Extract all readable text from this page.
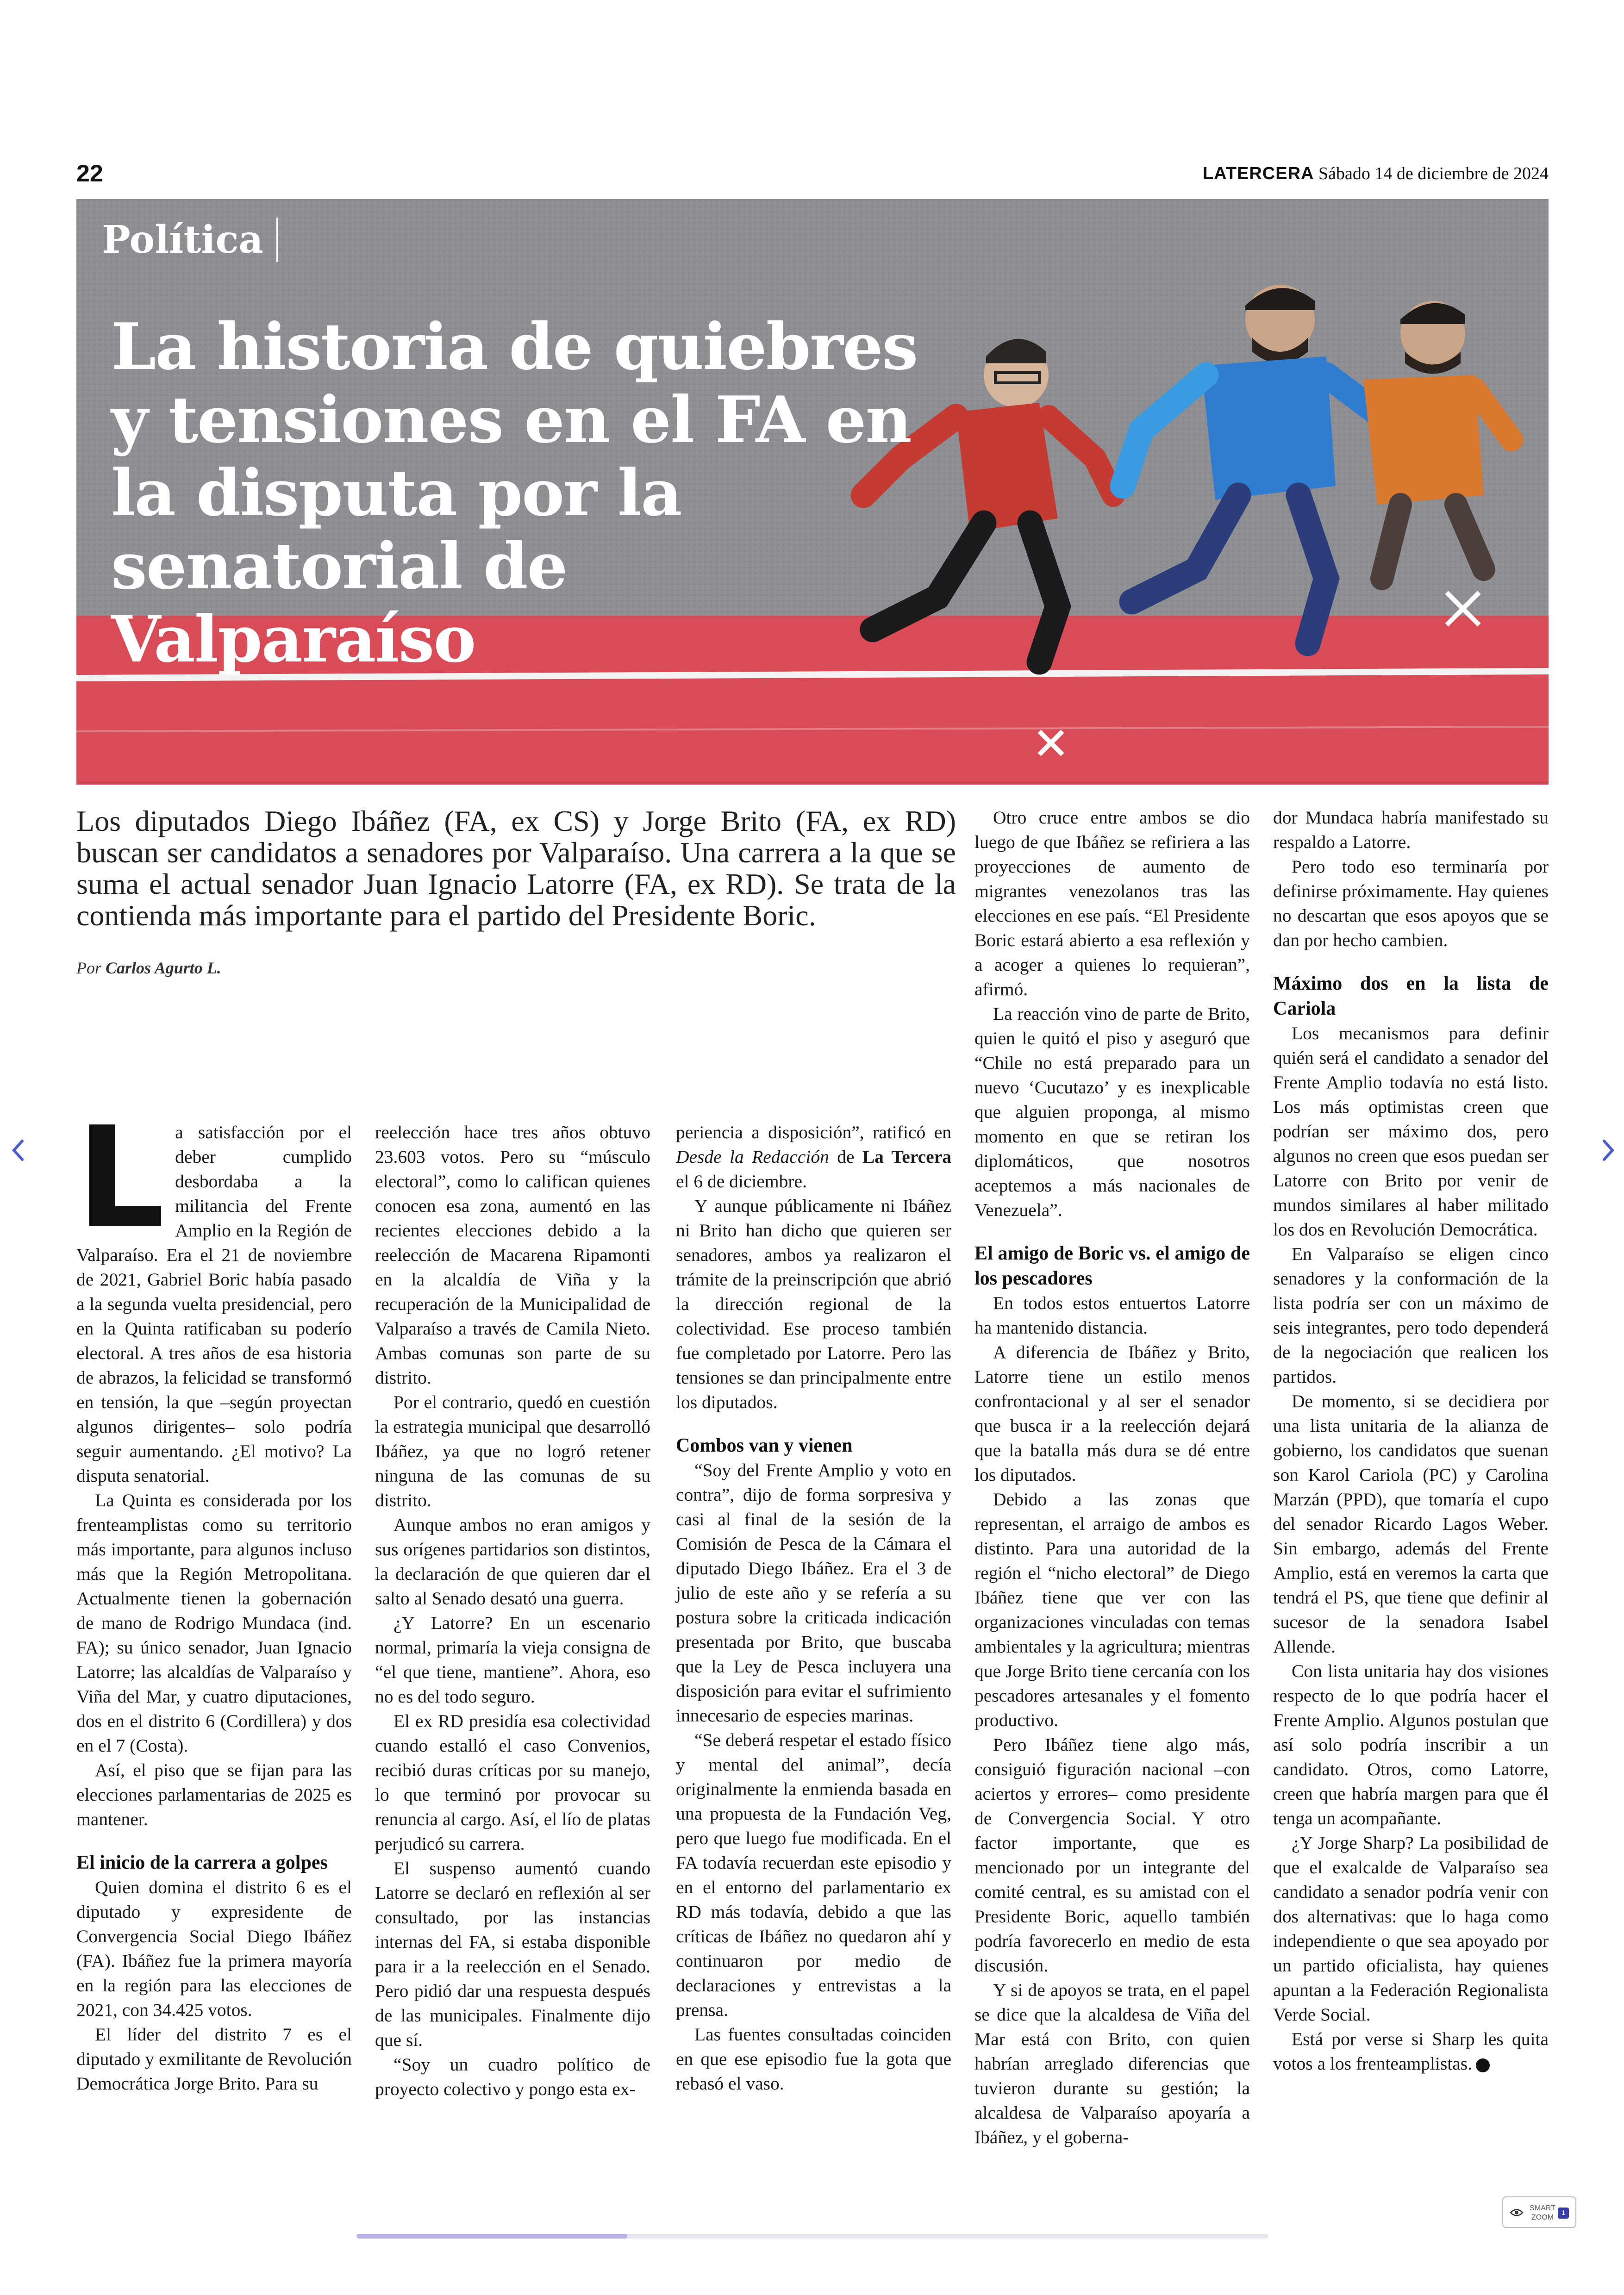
22	LATERCERA Sábado 14 de diciembre de 2024
Política
La historia de quiebres y tensiones en el FA en la disputa por la senatorial de Valparaíso
Los diputados Diego Ibáñez (FA, ex CS) y Jorge Brito (FA, ex RD) buscan ser candidatos a senadores por Valparaíso. Una carrera a la que se suma el actual senador Juan Ignacio Latorre (FA, ex RD). Se trata de la contienda más importante para el partido del Presidente Boric.
Por Carlos Agurto L.

La satisfacción por el deber cumplido desbordaba a la militancia del Frente Amplio en la Región de Valparaíso. Era el 21 de noviembre de 2021, Gabriel Boric había pasado a la segunda vuelta presidencial, pero en la Quinta ratificaban su poderío electoral. A tres años de esa historia de abrazos, la felicidad se transformó en tensión, la que –según proyectan algunos dirigentes– solo podría seguir aumentando. ¿El motivo? La disputa senatorial.

La Quinta es considerada por los frenteamplistas como su territorio más importante, para algunos incluso más que la Región Metropolitana. Actualmente tienen la gobernación de mano de Rodrigo Mundaca (ind. FA); su único senador, Juan Ignacio Latorre; las alcaldías de Valparaíso y Viña del Mar, y cuatro diputaciones, dos en el distrito 6 (Cordillera) y dos en el 7 (Costa).

Así, el piso que se fijan para las elecciones parlamentarias de 2025 es mantener.

El inicio de la carrera a golpes

Quien domina el distrito 6 es el diputado y expresidente de Convergencia Social Diego Ibáñez (FA). Ibáñez fue la primera mayoría en la región para las elecciones de 2021, con 34.425 votos.

El líder del distrito 7 es el diputado y exmilitante de Revolución Democrática Jorge Brito. Para su

reelección hace tres años obtuvo 23.603 votos. Pero su “músculo electoral”, como lo califican quienes conocen esa zona, aumentó en las recientes elecciones debido a la reelección de Macarena Ripamonti en la alcaldía de Viña y la recuperación de la Municipalidad de Valparaíso a través de Camila Nieto. Ambas comunas son parte de su distrito.

Por el contrario, quedó en cuestión la estrategia municipal que desarrolló Ibáñez, ya que no logró retener ninguna de las comunas de su distrito.

Aunque ambos no eran amigos y sus orígenes partidarios son distintos, la declaración de que quieren dar el salto al Senado desató una guerra.

¿Y Latorre? En un escenario normal, primaría la vieja consigna de “el que tiene, mantiene”. Ahora, eso no es del todo seguro.

El ex RD presidía esa colectividad cuando estalló el caso Convenios, recibió duras críticas por su manejo, lo que terminó por provocar su renuncia al cargo. Así, el lío de platas perjudicó su carrera.

El suspenso aumentó cuando Latorre se declaró en reflexión al ser consultado, por las instancias internas del FA, si estaba disponible para ir a la reelección en el Senado. Pero pidió dar una respuesta después de las municipales. Finalmente dijo que sí.

“Soy un cuadro político de proyecto colectivo y pongo esta ex-

periencia a disposición”, ratificó en Desde la Redacción de La Tercera el 6 de diciembre.

Y aunque públicamente ni Ibáñez ni Brito han dicho que quieren ser senadores, ambos ya realizaron el trámite de la preinscripción que abrió la dirección regional de la colectividad. Ese proceso también fue completado por Latorre. Pero las tensiones se dan principalmente entre los diputados.

Combos van y vienen

“Soy del Frente Amplio y voto en contra”, dijo de forma sorpresiva y casi al final de la sesión de la Comisión de Pesca de la Cámara el diputado Diego Ibáñez. Era el 3 de julio de este año y se refería a su postura sobre la criticada indicación presentada por Brito, que buscaba que la Ley de Pesca incluyera una disposición para evitar el sufrimiento innecesario de especies marinas.

“Se deberá respetar el estado físico y mental del animal”, decía originalmente la enmienda basada en una propuesta de la Fundación Veg, pero que luego fue modificada. En el FA todavía recuerdan este episodio y en el entorno del parlamentario ex RD más todavía, debido a que las críticas de Ibáñez no quedaron ahí y continuaron por medio de declaraciones y entrevistas a la prensa.

Las fuentes consultadas coinciden en que ese episodio fue la gota que rebasó el vaso.

Otro cruce entre ambos se dio luego de que Ibáñez se refiriera a las proyecciones de aumento de migrantes venezolanos tras las elecciones en ese país. “El Presidente Boric estará abierto a esa reflexión y a acoger a quienes lo requieran”, afirmó.

La reacción vino de parte de Brito, quien le quitó el piso y aseguró que “Chile no está preparado para un nuevo ‘Cucutazo’ y es inexplicable que alguien proponga, al mismo momento en que se retiran los diplomáticos, que nosotros aceptemos a más nacionales de Venezuela”.

El amigo de Boric vs. el amigo de los pescadores

En todos estos entuertos Latorre ha mantenido distancia.

A diferencia de Ibáñez y Brito, Latorre tiene un estilo menos confrontacional y al ser el senador que busca ir a la reelección dejará que la batalla más dura se dé entre los diputados.

Debido a las zonas que representan, el arraigo de ambos es distinto. Para una autoridad de la región el “nicho electoral” de Diego Ibáñez tiene que ver con las organizaciones vinculadas con temas ambientales y la agricultura; mientras que Jorge Brito tiene cercanía con los pescadores artesanales y el fomento productivo.

Pero Ibáñez tiene algo más, consiguió figuración nacional –con aciertos y errores– como presidente de Convergencia Social. Y otro factor importante, que es mencionado por un integrante del comité central, es su amistad con el Presidente Boric, aquello también podría favorecerlo en medio de esta discusión.

Y si de apoyos se trata, en el papel se dice que la alcaldesa de Viña del Mar está con Brito, con quien habrían arreglado diferencias que tuvieron durante su gestión; la alcaldesa de Valparaíso apoyaría a Ibáñez, y el goberna-

dor Mundaca habría manifestado su respaldo a Latorre.

Pero todo eso terminaría por definirse próximamente. Hay quienes no descartan que esos apoyos que se dan por hecho cambien.

Máximo dos en la lista de Cariola

Los mecanismos para definir quién será el candidato a senador del Frente Amplio todavía no está listo. Los más optimistas creen que podrían ser máximo dos, pero algunos no creen que esos puedan ser Latorre con Brito por venir de mundos similares al haber militado los dos en Revolución Democrática.

En Valparaíso se eligen cinco senadores y la conformación de la lista podría ser con un máximo de seis integrantes, pero todo dependerá de la negociación que realicen los partidos.

De momento, si se decidiera por una lista unitaria de la alianza de gobierno, los candidatos que suenan son Karol Cariola (PC) y Carolina Marzán (PPD), que tomaría el cupo del senador Ricardo Lagos Weber. Sin embargo, además del Frente Amplio, está en veremos la carta que tendrá el PS, que tiene que definir al sucesor de la senadora Isabel Allende.

Con lista unitaria hay dos visiones respecto de lo que podría hacer el Frente Amplio. Algunos postulan que así solo podría inscribir a un candidato. Otros, como Latorre, creen que habría margen para que él tenga un acompañante.

¿Y Jorge Sharp? La posibilidad de que el exalcalde de Valparaíso sea candidato a senador podría venir con dos alternativas: que lo haga como independiente o que sea apoyado por un partido oficialista, hay quienes apuntan a la Federación Regionalista Verde Social.

Está por verse si Sharp les quita votos a los frenteamplistas.

SMART
ZOOM
1
